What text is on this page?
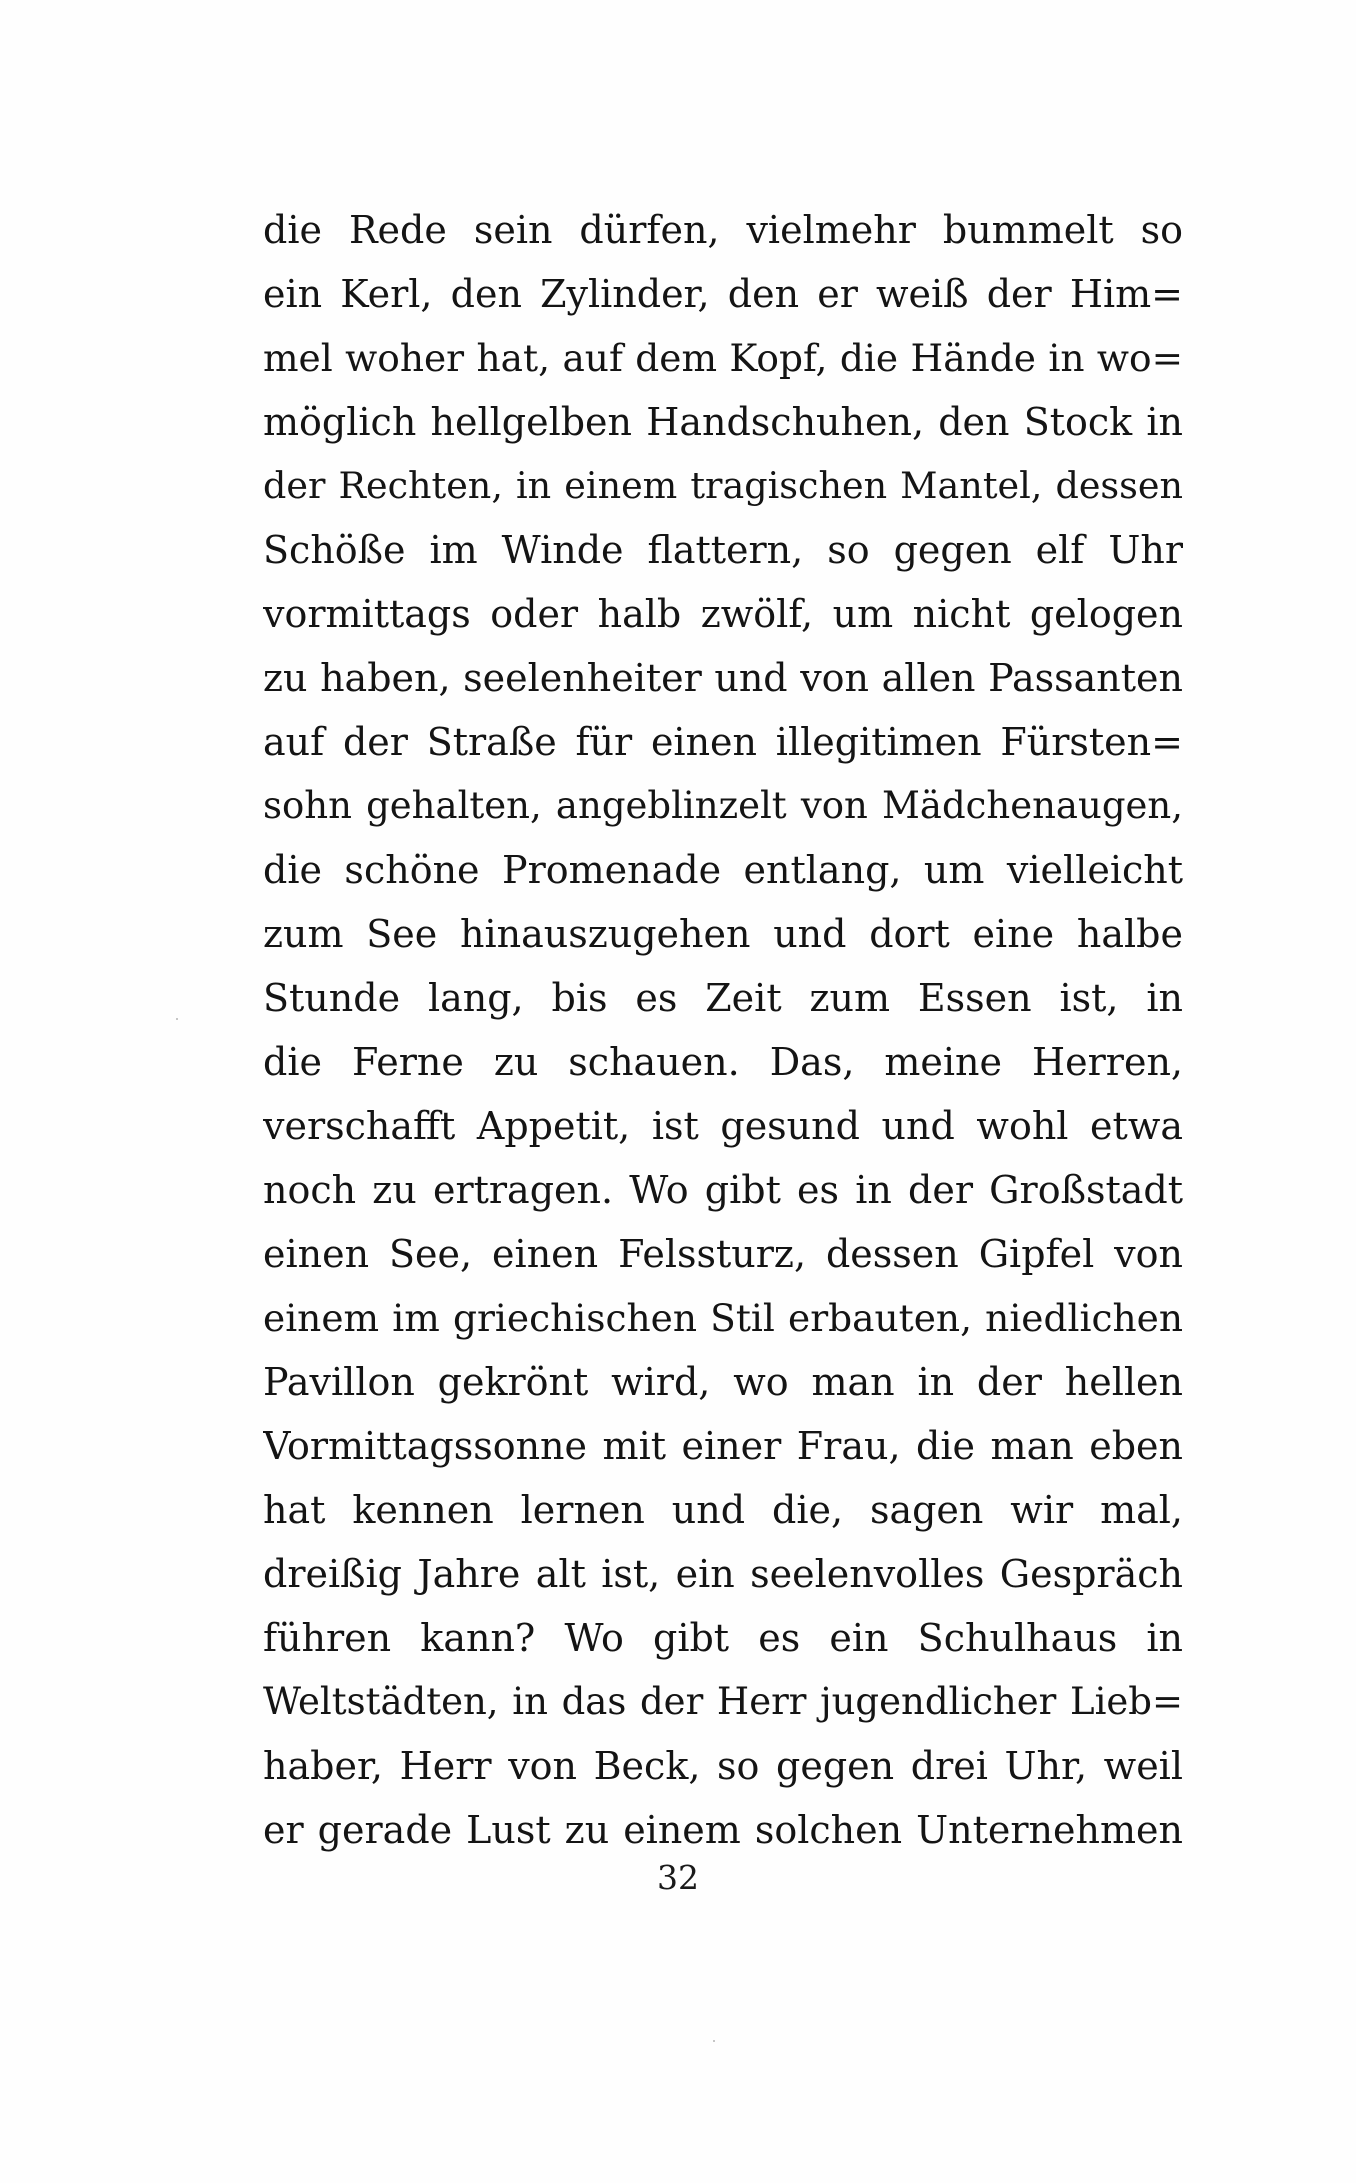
die Rede sein dürfen, vielmehr bummelt so
ein Kerl, den Zylinder, den er weiß der Him=
mel woher hat, auf dem Kopf, die Hände in wo=
möglich hellgelben Handschuhen, den Stock in
der Rechten, in einem tragischen Mantel, dessen
Schöße im Winde flattern, so gegen elf Uhr
vormittags oder halb zwölf, um nicht gelogen
zu haben, seelenheiter und von allen Passanten
auf der Straße für einen illegitimen Fürsten=
sohn gehalten, angeblinzelt von Mädchenaugen,
die schöne Promenade entlang, um vielleicht
zum See hinauszugehen und dort eine halbe
Stunde lang, bis es Zeit zum Essen ist, in
die Ferne zu schauen. Das, meine Herren,
verschafft Appetit, ist gesund und wohl etwa
noch zu ertragen. Wo gibt es in der Großstadt
einen See, einen Felssturz, dessen Gipfel von
einem im griechischen Stil erbauten, niedlichen
Pavillon gekrönt wird, wo man in der hellen
Vormittagssonne mit einer Frau, die man eben
hat kennen lernen und die, sagen wir mal,
dreißig Jahre alt ist, ein seelenvolles Gespräch
führen kann? Wo gibt es ein Schulhaus in
Weltstädten, in das der Herr jugendlicher Lieb=
haber, Herr von Beck, so gegen drei Uhr, weil
er gerade Lust zu einem solchen Unternehmen
32
